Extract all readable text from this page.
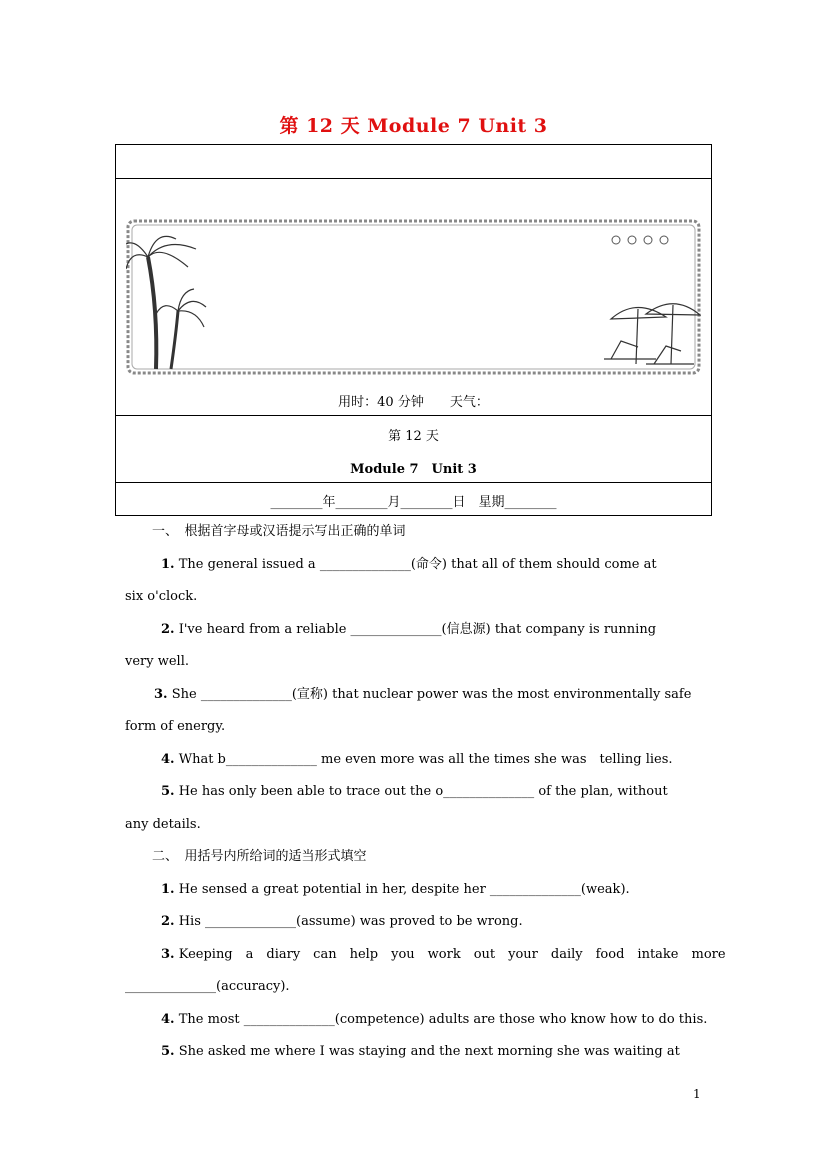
第 12 天 Module 7 Unit 3
用时：40 分钟　　天气：
第 12 天
Module 7　Unit 3
________年________月________日　星期________
一、　根据首字母或汉语提示写出正确的单词
1. The general issued a ______________(命令) that all of them should come at
six o'clock.
2. I've heard from a reliable ______________(信息源) that company is running
very well.
3. She ______________(宣称) that nuclear power was the most environmentally safe
form of energy.
4. What b______________ me even more was all the times she was　telling lies.
5. He has only been able to trace out the o______________ of the plan, without
any details.
二、　用括号内所给词的适当形式填空
1. He sensed a great potential in her, despite her ______________(weak).
2. His ______________(assume) was proved to be wrong.
3. Keeping　a　diary　can　help　you　work　out　your　daily　food　intake　more
______________(accuracy).
4. The most ______________(competence) adults are those who know how to do this.
5. She asked me where I was staying and the next morning she was waiting at
1
